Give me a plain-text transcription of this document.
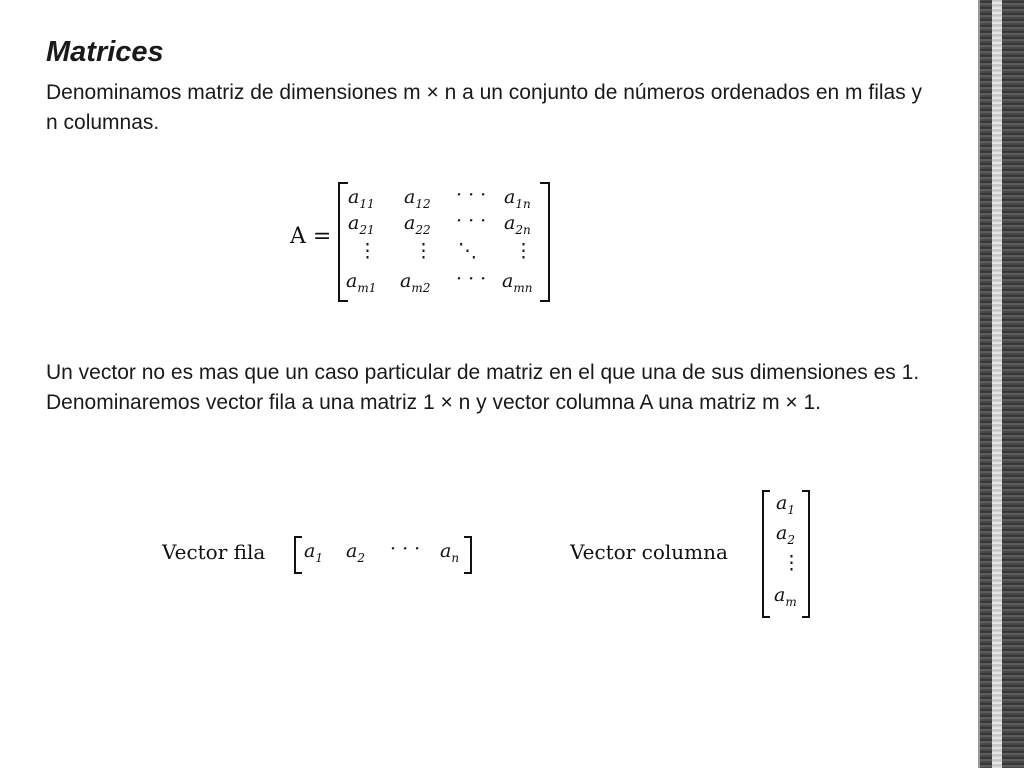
Matrices
Denominamos matriz de dimensiones m × n a un conjunto de números ordenados en m filas y n columnas.
A =
$a_{11}$ $a_{12}$ · · · $a_{1n}$
$a_{21}$ $a_{22}$ · · · $a_{2n}$
⋮ ⋮ ⋱ ⋮
$a_{m1}$ $a_{m2}$ · · · $a_{mn}$
Un vector no es mas que un caso particular de matriz en el que una de sus dimensiones es 1. Denominaremos vector fila a una matriz 1 × n y vector columna A una matriz m × 1.
Vector fila $a_1$ $a_2$ · · · $a_n$	Vector columna
$a_1$
$a_2$
⋮
$a_m$
